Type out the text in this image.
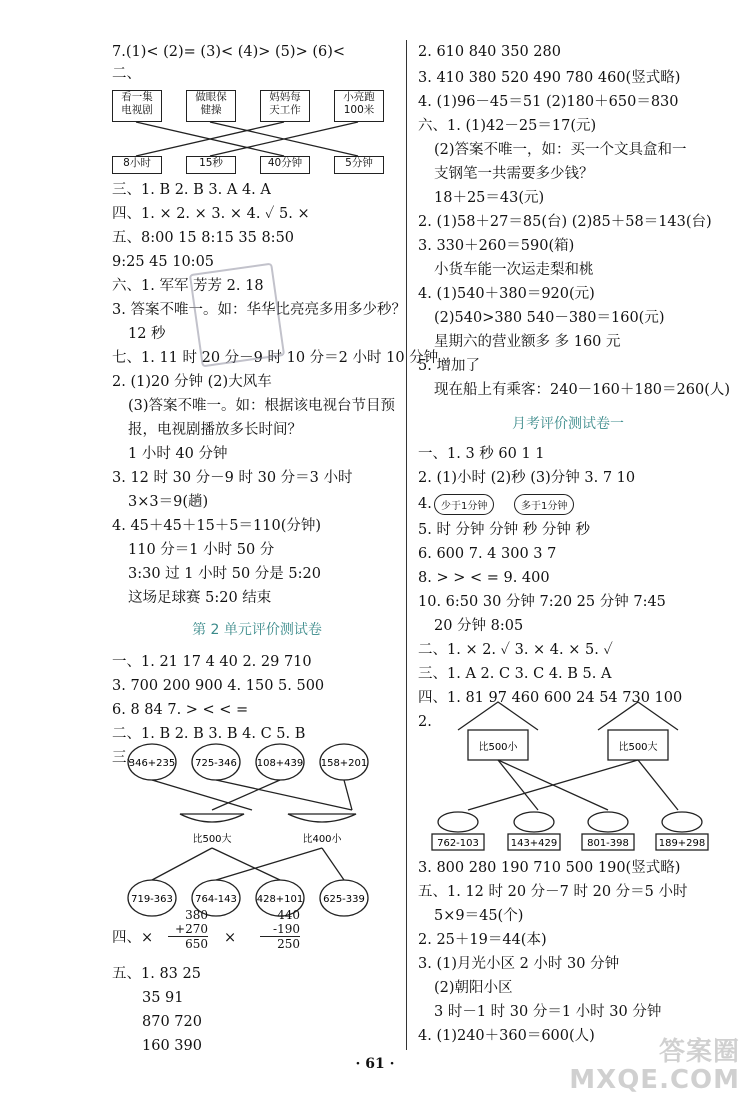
7.(1)< (2)= (3)< (4)> (5)> (6)<
二、
看一集
电视剧
做眼保
健操
妈妈每
天工作
小亮跑
100米
8小时	15秒	40分钟	5分钟
三、1. B 2. B 3. A 4. A
四、1. × 2. × 3. × 4. ✓ 5. ×
五、8:00 15 8:15 35 8:50
9:25 45 10:05
六、1. 军军 芳芳 2. 18
3. 答案不唯一。如：华华比亮亮多用多少秒？
12 秒
七、1. 11 时 20 分－9 时 10 分＝2 小时 10 分钟
2. (1)20 分钟 (2)大风车
(3)答案不唯一。如：根据该电视台节目预
报，电视剧播放多长时间？
1 小时 40 分钟
3. 12 时 30 分－9 时 30 分＝3 小时
3×3＝9(趟)
4. 45＋45＋15＋5＝110(分钟)
110 分＝1 小时 50 分
3:30 过 1 小时 50 分是 5:20
这场足球赛 5:20 结束
第 2 单元评价测试卷
一、1. 21 17 4 40 2. 29 710
3. 700 200 900 4. 150 5. 500
6. 8 84 7. > < < =
二、1. B 2. B 3. B 4. C 5. B
三、
346+235 725-346 108+439 158+201
比500大	比400小
719-363 764-143 428+101 625-339
四、×
380
+270
650 ×
440
-190
250
五、1. 83 25
35 91
870 720
160 390
2. 610 840 350 280
3. 410 380 520 490 780 460(竖式略)
4. (1)96－45＝51 (2)180＋650＝830
六、1. (1)42－25＝17(元)
(2)答案不唯一，如：买一个文具盒和一
支钢笔一共需要多少钱？
18＋25＝43(元)
2. (1)58＋27＝85(台) (2)85＋58＝143(台)
3. 330＋260＝590(箱)
小货车能一次运走梨和桃
4. (1)540＋380＝920(元)
(2)540>380 540－380＝160(元)
星期六的营业额多 多 160 元
5. 增加了
现在船上有乘客：240－160＋180＝260(人)
月考评价测试卷一
一、1. 3 秒 60 1 1
2. (1)小时 (2)秒 (3)分钟 3. 7 10
4. 少于1分钟	多于1分钟
5. 时 分钟 分钟 秒 分钟 秒
6. 600 7. 4 300 3 7
8. > > < = 9. 400
10. 6:50 30 分钟 7:20 25 分钟 7:45
20 分钟 8:05
二、1. × 2. ✓ 3. × 4. × 5. ✓
三、1. A 2. C 3. C 4. B 5. A
四、1. 81 97 460 600 24 54 730 100
2.
比500小	比500大
762-103	143+429	801-398	189+298
3. 800 280 190 710 500 190(竖式略)
五、1. 12 时 20 分－7 时 20 分＝5 小时
5×9＝45(个)
2. 25＋19＝44(本)
3. (1)月光小区 2 小时 30 分钟
(2)朝阳小区
3 时－1 时 30 分＝1 小时 30 分钟
4. (1)240＋360＝600(人)
· 61 ·	答案圈
MXQE.COM
